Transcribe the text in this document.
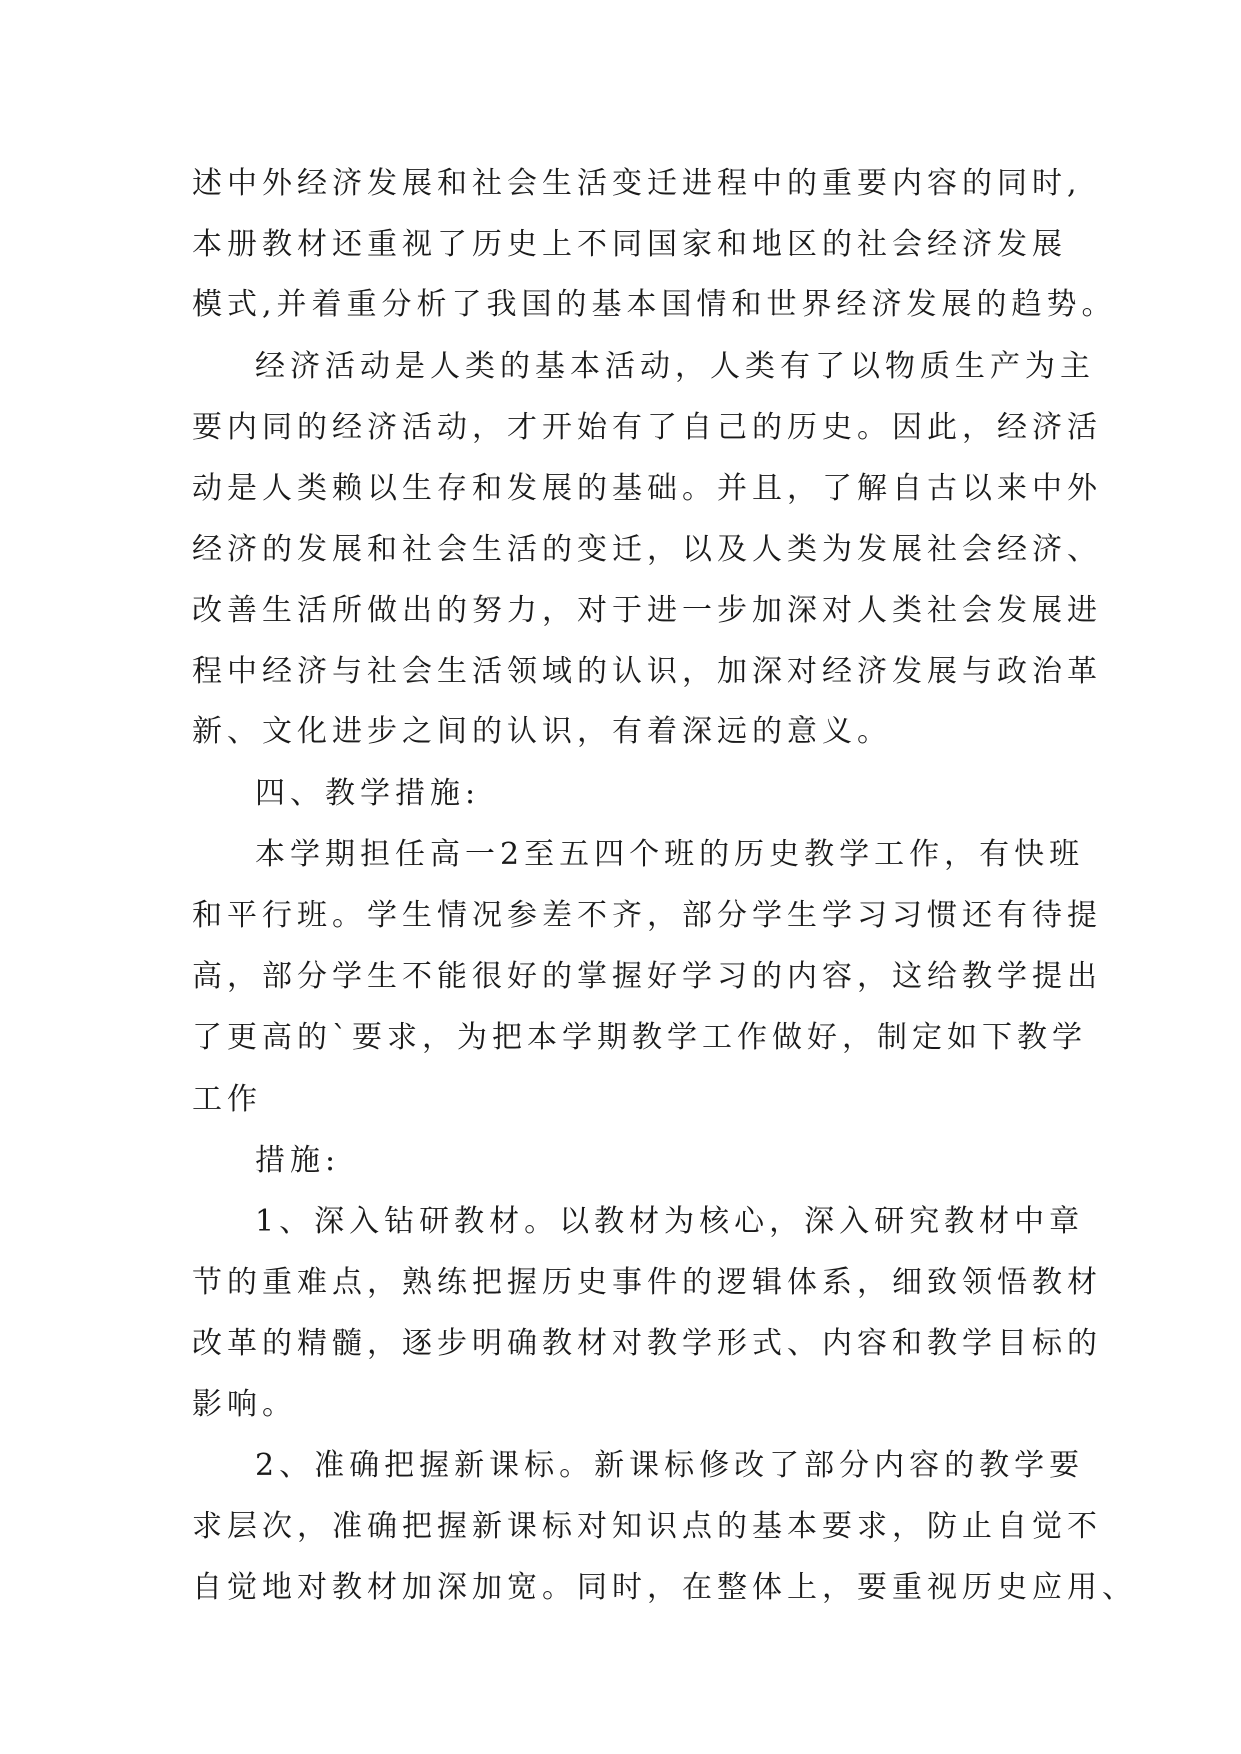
述中外经济发展和社会生活变迁进程中的重要内容的同时,
本册教材还重视了历史上不同国家和地区的社会经济发展
模式,并着重分析了我国的基本国情和世界经济发展的趋势。
经济活动是人类的基本活动，人类有了以物质生产为主
要内同的经济活动，才开始有了自己的历史。因此，经济活
动是人类赖以生存和发展的基础。并且，了解自古以来中外
经济的发展和社会生活的变迁，以及人类为发展社会经济、
改善生活所做出的努力，对于进一步加深对人类社会发展进
程中经济与社会生活领域的认识，加深对经济发展与政治革
新、文化进步之间的认识，有着深远的意义。
四、教学措施:
本学期担任高一2至五四个班的历史教学工作，有快班
和平行班。学生情况参差不齐，部分学生学习习惯还有待提
高，部分学生不能很好的掌握好学习的内容，这给教学提出
了更高的`要求，为把本学期教学工作做好，制定如下教学
工作
措施:
1、深入钻研教材。以教材为核心，深入研究教材中章
节的重难点，熟练把握历史事件的逻辑体系，细致领悟教材
改革的精髓，逐步明确教材对教学形式、内容和教学目标的
影响。
2、准确把握新课标。新课标修改了部分内容的教学要
求层次，准确把握新课标对知识点的基本要求，防止自觉不
自觉地对教材加深加宽。同时，在整体上，要重视历史应用、
